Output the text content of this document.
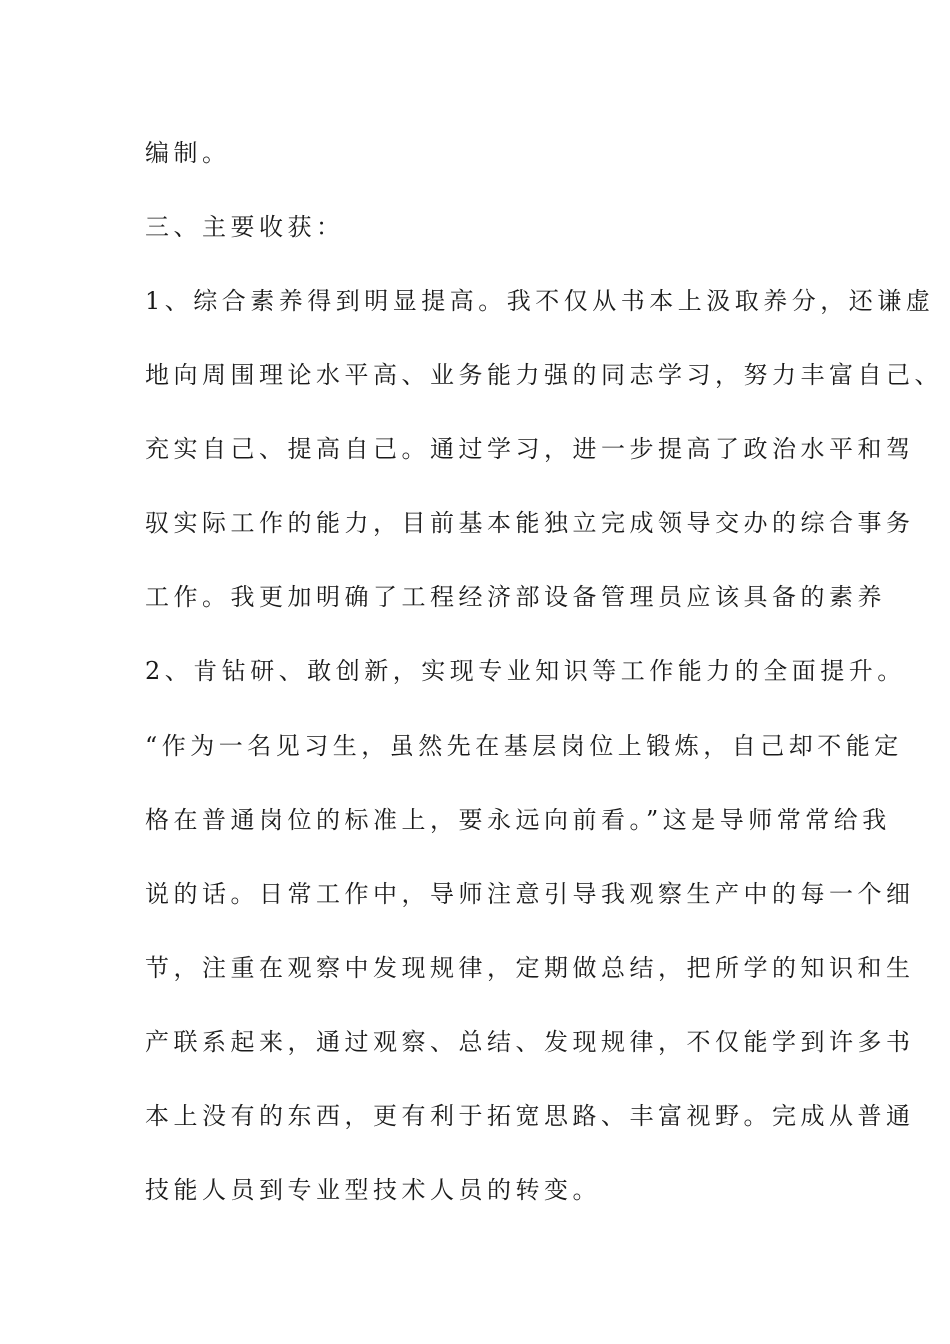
编制。
三、主要收获：
1、综合素养得到明显提高。我不仅从书本上汲取养分，还谦虚
地向周围理论水平高、业务能力强的同志学习，努力丰富自己、
充实自己、提高自己。通过学习，进一步提高了政治水平和驾
驭实际工作的能力，目前基本能独立完成领导交办的综合事务
工作。我更加明确了工程经济部设备管理员应该具备的素养
2、肯钻研、敢创新，实现专业知识等工作能力的全面提升。
“作为一名见习生，虽然先在基层岗位上锻炼，自己却不能定
格在普通岗位的标准上，要永远向前看。”这是导师常常给我
说的话。日常工作中，导师注意引导我观察生产中的每一个细
节，注重在观察中发现规律，定期做总结，把所学的知识和生
产联系起来，通过观察、总结、发现规律，不仅能学到许多书
本上没有的东西，更有利于拓宽思路、丰富视野。完成从普通
技能人员到专业型技术人员的转变。
